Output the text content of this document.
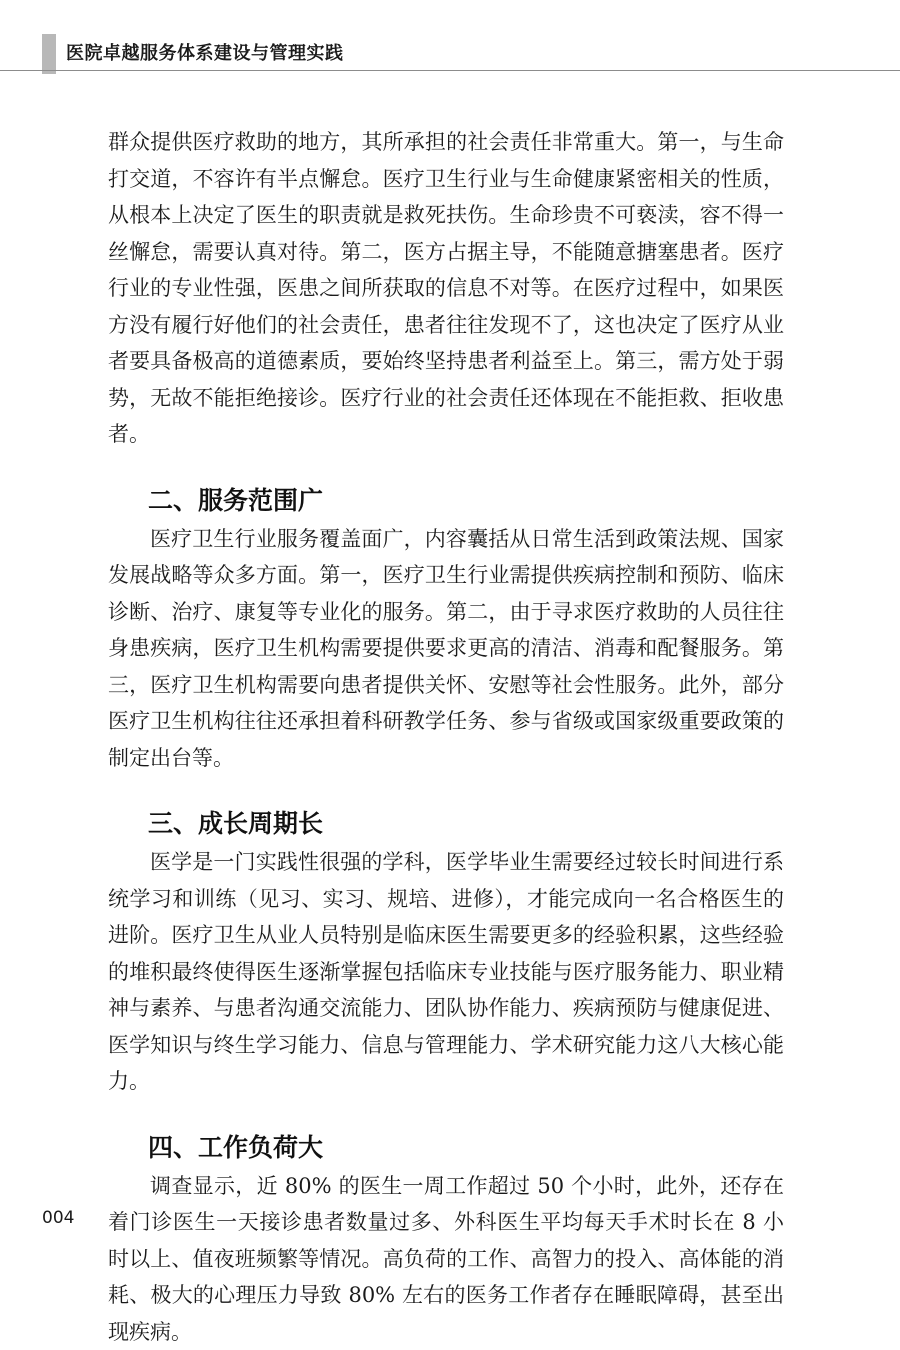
医院卓越服务体系建设与管理实践

群众提供医疗救助的地方，其所承担的社会责任非常重大。第一，与生命打交道，不容许有半点懈怠。医疗卫生行业与生命健康紧密相关的性质，从根本上决定了医生的职责就是救死扶伤。生命珍贵不可亵渎，容不得一丝懈怠，需要认真对待。第二，医方占据主导，不能随意搪塞患者。医疗行业的专业性强，医患之间所获取的信息不对等。在医疗过程中，如果医方没有履行好他们的社会责任，患者往往发现不了，这也决定了医疗从业者要具备极高的道德素质，要始终坚持患者利益至上。第三，需方处于弱势，无故不能拒绝接诊。医疗行业的社会责任还体现在不能拒救、拒收患者。

二、服务范围广

医疗卫生行业服务覆盖面广，内容囊括从日常生活到政策法规、国家发展战略等众多方面。第一，医疗卫生行业需提供疾病控制和预防、临床诊断、治疗、康复等专业化的服务。第二，由于寻求医疗救助的人员往往身患疾病，医疗卫生机构需要提供要求更高的清洁、消毒和配餐服务。第三，医疗卫生机构需要向患者提供关怀、安慰等社会性服务。此外，部分医疗卫生机构往往还承担着科研教学任务、参与省级或国家级重要政策的制定出台等。

三、成长周期长

医学是一门实践性很强的学科，医学毕业生需要经过较长时间进行系统学习和训练（见习、实习、规培、进修），才能完成向一名合格医生的进阶。医疗卫生从业人员特别是临床医生需要更多的经验积累，这些经验的堆积最终使得医生逐渐掌握包括临床专业技能与医疗服务能力、职业精神与素养、与患者沟通交流能力、团队协作能力、疾病预防与健康促进、医学知识与终生学习能力、信息与管理能力、学术研究能力这八大核心能力。

四、工作负荷大

调查显示，近 80% 的医生一周工作超过 50 个小时，此外，还存在着门诊医生一天接诊患者数量过多、外科医生平均每天手术时长在 8 小时以上、值夜班频繁等情况。高负荷的工作、高智力的投入、高体能的消耗、极大的心理压力导致 80% 左右的医务工作者存在睡眠障碍，甚至出现疾病。

004
